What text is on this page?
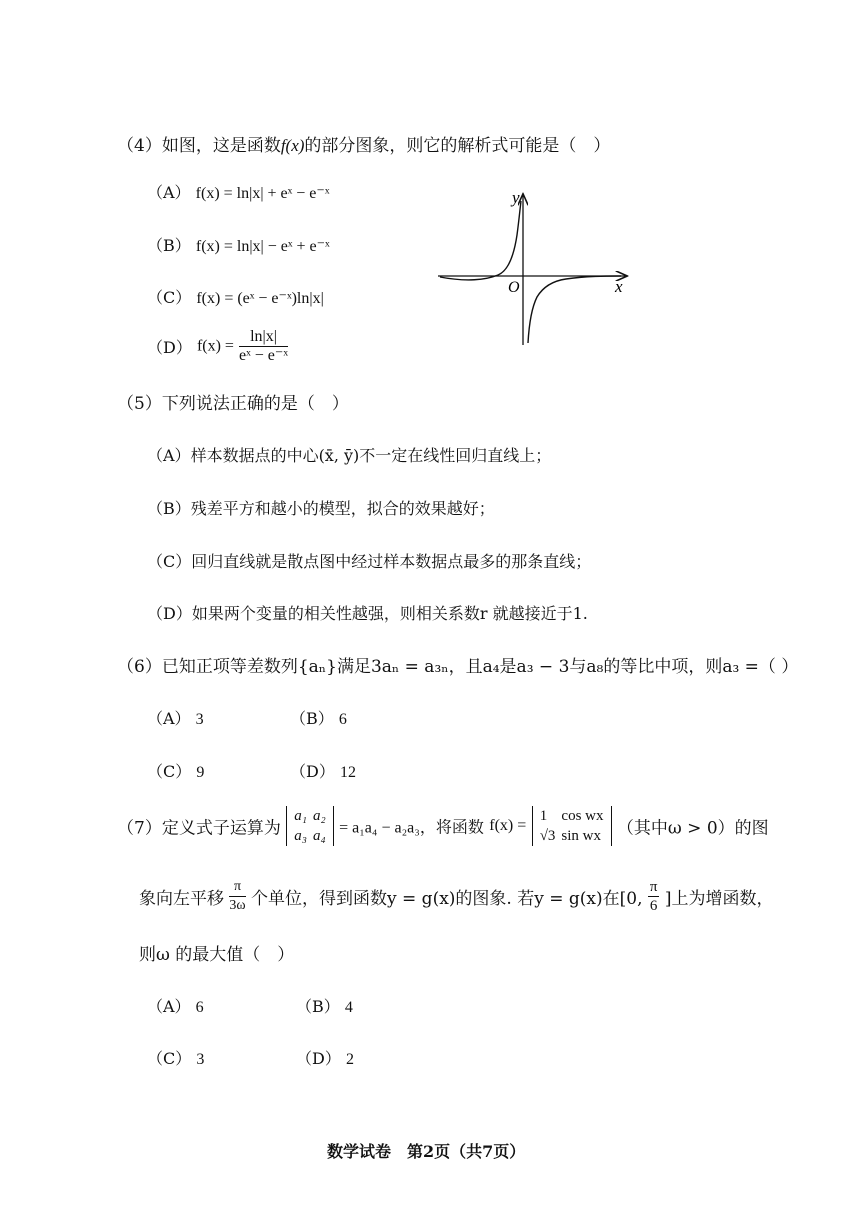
（4）如图，这是函数f(x)的部分图象，则它的解析式可能是（　）
（A） f(x) = ln|x| + eˣ − e⁻ˣ
（B） f(x) = ln|x| − eˣ + e⁻ˣ
（C） f(x) = (eˣ − e⁻ˣ)ln|x|
（D） $f(x) = \frac{\ln|x|}{\text{eˣ − e⁻ˣ}}$
y
x
O
（5）下列说法正确的是（　）
（A）样本数据点的中心(x̄, ȳ)不一定在线性回归直线上；
（B）残差平方和越小的模型，拟合的效果越好；
（C）回归直线就是散点图中经过样本数据点最多的那条直线；
（D）如果两个变量的相关性越强，则相关系数r 就越接近于1.
（6）已知正项等差数列{aₙ}满足3aₙ = a₃ₙ，且a₄是a₃ − 3与a₈的等比中项，则a₃ =（ ）
（A） 3	（B） 6
（C） 9	（D） 12
（7）定义式子运算为
a₁	a₂
a₃	a₄ = a₁a₄ − a₂a₃，将函数 f(x) =
1	cos wx
√3	sin wx （其中ω > 0）的图
象向左平移 $\frac{\pi}{3\omega}$ 个单位，得到函数y = g(x)的图象. 若y = g(x)在[0, $\frac{\pi}{6}$ ]上为增函数，
则ω 的最大值（　）
（A） 6	（B） 4
（C） 3	（D） 2
数学试卷　第2页（共7页）
